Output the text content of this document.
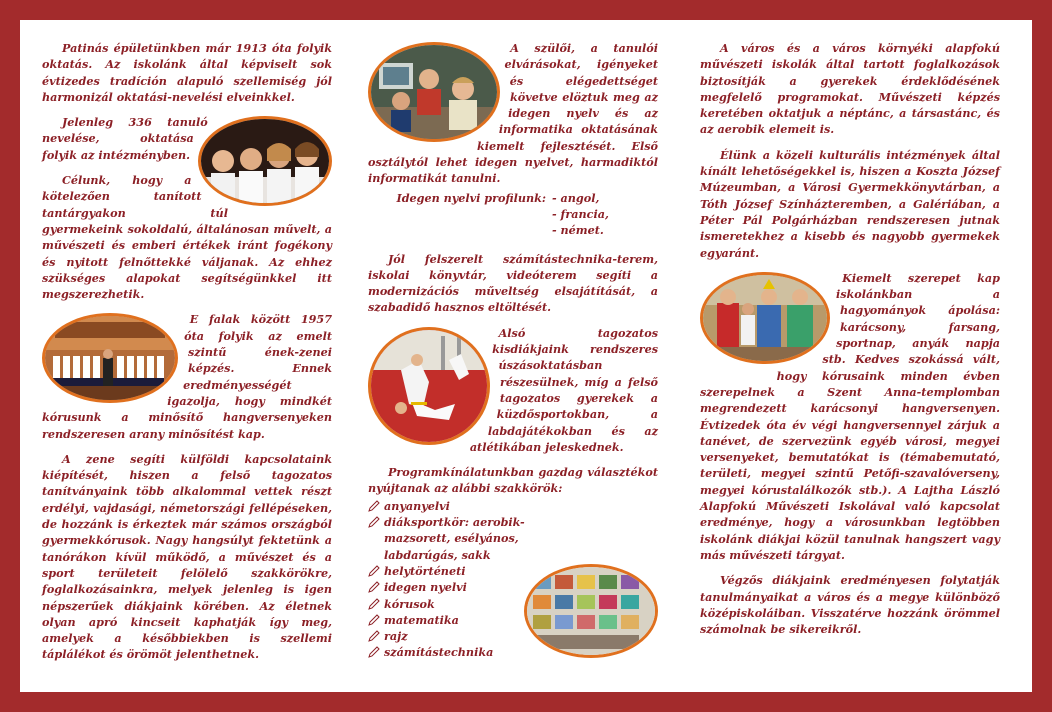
Patinás épületünkben már 1913 óta folyik oktatás. Az iskolánk által képviselt sok évtizedes tradíción alapuló szellemiség jól harmonizál oktatási-nevelési elveinkkel.

Jelenleg 336 tanuló nevelése, oktatása folyik az intézményben.

Célunk, hogy a kötelezően tanított tantárgyakon túl gyermekeink sokoldalú, általánosan művelt, a művészeti és emberi értékek iránt fogékony és nyitott felnőttekké váljanak. Az ehhez szükséges alapokat segítségünkkel itt megszerezhetik.

E falak között 1957 óta folyik az emelt szintű ének-zenei képzés. Ennek eredményességét igazolja, hogy mindkét kórusunk a minősítő hangversenyeken rendszeresen arany minősítést kap.

A zene segíti külföldi kapcsolataink kiépítését, hiszen a felső tagozatos tanítványaink több alkalommal vettek részt erdélyi, vajdasági, németországi fellépéseken, de hozzánk is érkeztek már számos országból gyermekkórusok. Nagy hangsúlyt fektetünk a tanórákon kívül működő, a művészet és a sport területeit felölelő szakkörökre, foglalkozásainkra, melyek jelenleg is igen népszerűek diákjaink körében. Az életnek olyan apró kincseit kaphatják így meg, amelyek a későbbiekben is szellemi táplálékot és örömöt jelenthetnek.

A szülői, a tanulói elvárásokat, igényeket és elégedettséget követve elöztuk meg az idegen nyelv és az informatika oktatásának kiemelt fejlesztését. Első osztálytól lehet idegen nyelvet, harmadiktól informatikát tanulni.

Idegen nyelvi profilunk: - angol,
- francia,
- német.

Jól felszerelt számítástechnika-terem, iskolai könyvtár, videóterem segíti a modernizációs műveltség elsajátítását, a szabadidő hasznos eltöltését.

Alsó tagozatos kisdiákjaink rendszeres úszásoktatásban részesülnek, míg a felső tagozatos gyerekek a küzdősportokban, a labdajátékokban és az atlétikában jeleskednek.

Programkínálatunkban gazdag választékot nyújtanak az alábbi szakkörök:

anyanyelvi
diáksportkör: aerobik-mazsorett, esélyános,
labdarúgás, sakk
helytörténeti
idegen nyelvi
kórusok
matematika
rajz
számítástechnika

A város és a város környéki alapfokú művészeti iskolák által tartott foglalkozások biztosítják a gyerekek érdeklődésének megfelelő programokat. Művészeti képzés keretében oktatjuk a néptánc, a társastánc, és az aerobik elemeit is.

Élünk a közeli kulturális intézmények által kínált lehetőségekkel is, hiszen a Koszta József Múzeumban, a Városi Gyermekkönyvtárban, a Tóth József Színházteremben, a Galériában, a Péter Pál Polgárházban rendszeresen jutnak ismeretekhez a kisebb és nagyobb gyermekek egyaránt.

Kiemelt szerepet kap iskolánkban a hagyományok ápolása: karácsony, farsang, sportnap, anyák napja stb. Kedves szokássá vált, hogy kórusaink minden évben szerepelnek a Szent Anna-templomban megrendezett karácsonyi hangversenyen. Évtizedek óta év végi hangversennyel zárjuk a tanévet, de szervezünk egyéb városi, megyei versenyeket, bemutatókat is (témabemutató, területi, megyei szintű Petőfi-szavalóverseny, megyei kórustalálkozók stb.). A Lajtha László Alapfokú Művészeti Iskolával való kapcsolat eredménye, hogy a városunkban legtöbben iskolánk diákjai közül tanulnak hangszert vagy más művészeti tárgyat.

Végzős diákjaink eredményesen folytatják tanulmányaikat a város és a megye különböző középiskoláiban. Visszatérve hozzánk örömmel számolnak be sikereikről.
